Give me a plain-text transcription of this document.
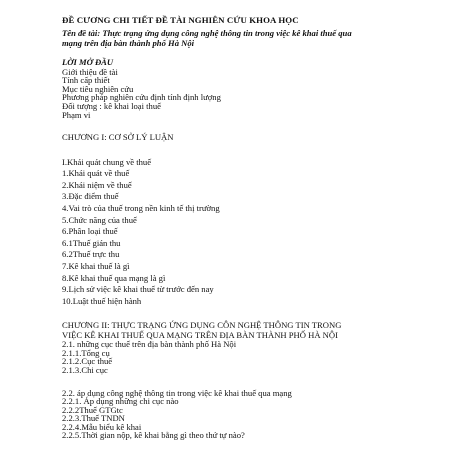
ĐỀ CƯƠNG CHI TIẾT ĐỀ TÀI NGHIÊN CỨU KHOA HỌC
Tên đề tài: Thực trạng ứng dụng công nghệ thông tin trong việc kê khai thuế qua
mạng trên địa bàn thành phố Hà Nội
LỜI MỞ ĐẦU
Giới thiệu đề tài
Tính cấp thiết
Mục tiêu nghiên cứu
Phương pháp nghiên cứu định tính định lượng
Đối tượng : kê khai loại thuế
Phạm vi
CHƯƠNG I: CƠ SỞ LÝ LUẬN
I.Khái quát chung về thuế
1.Khái quát về thuế
2.Khái niệm về thuế
3.Đặc điểm thuế
4.Vai trò của thuế trong nền kinh tế thị trường
5.Chức năng của thuế
6.Phân loại thuế
6.1Thuế gián thu
6.2Thuế trực thu
7.Kê khai thuế là gì
8.Kê khai thuế qua mạng là gì
9.Lịch sử việc kê khai thuế từ trước đến nay
10.Luật thuế hiện hành
CHƯƠNG II: THỰC TRẠNG ỨNG DỤNG CÔN NGHỆ THÔNG TIN TRONG
VIỆC KÊ KHAI THUẾ QUA MẠNG TRÊN ĐỊA BÀN THÀNH PHỐ HÀ NỘI
2.1. những cục thuế trên địa bàn thành phố Hà Nội
2.1.1.Tổng cụ
2.1.2.Cục thuế
2.1.3.Chi cục
2.2. áp dụng công nghệ thông tin trong việc kê khai thuế qua mạng
2.2.1. Áp dụng những chi cục nào
2.2.2Thuế GTGtc
2.2.3.Thuế TNDN
2.2.4.Mẫu biểu kê khai
2.2.5.Thời gian nộp, kê khai bằng gì theo thứ tự nào?
